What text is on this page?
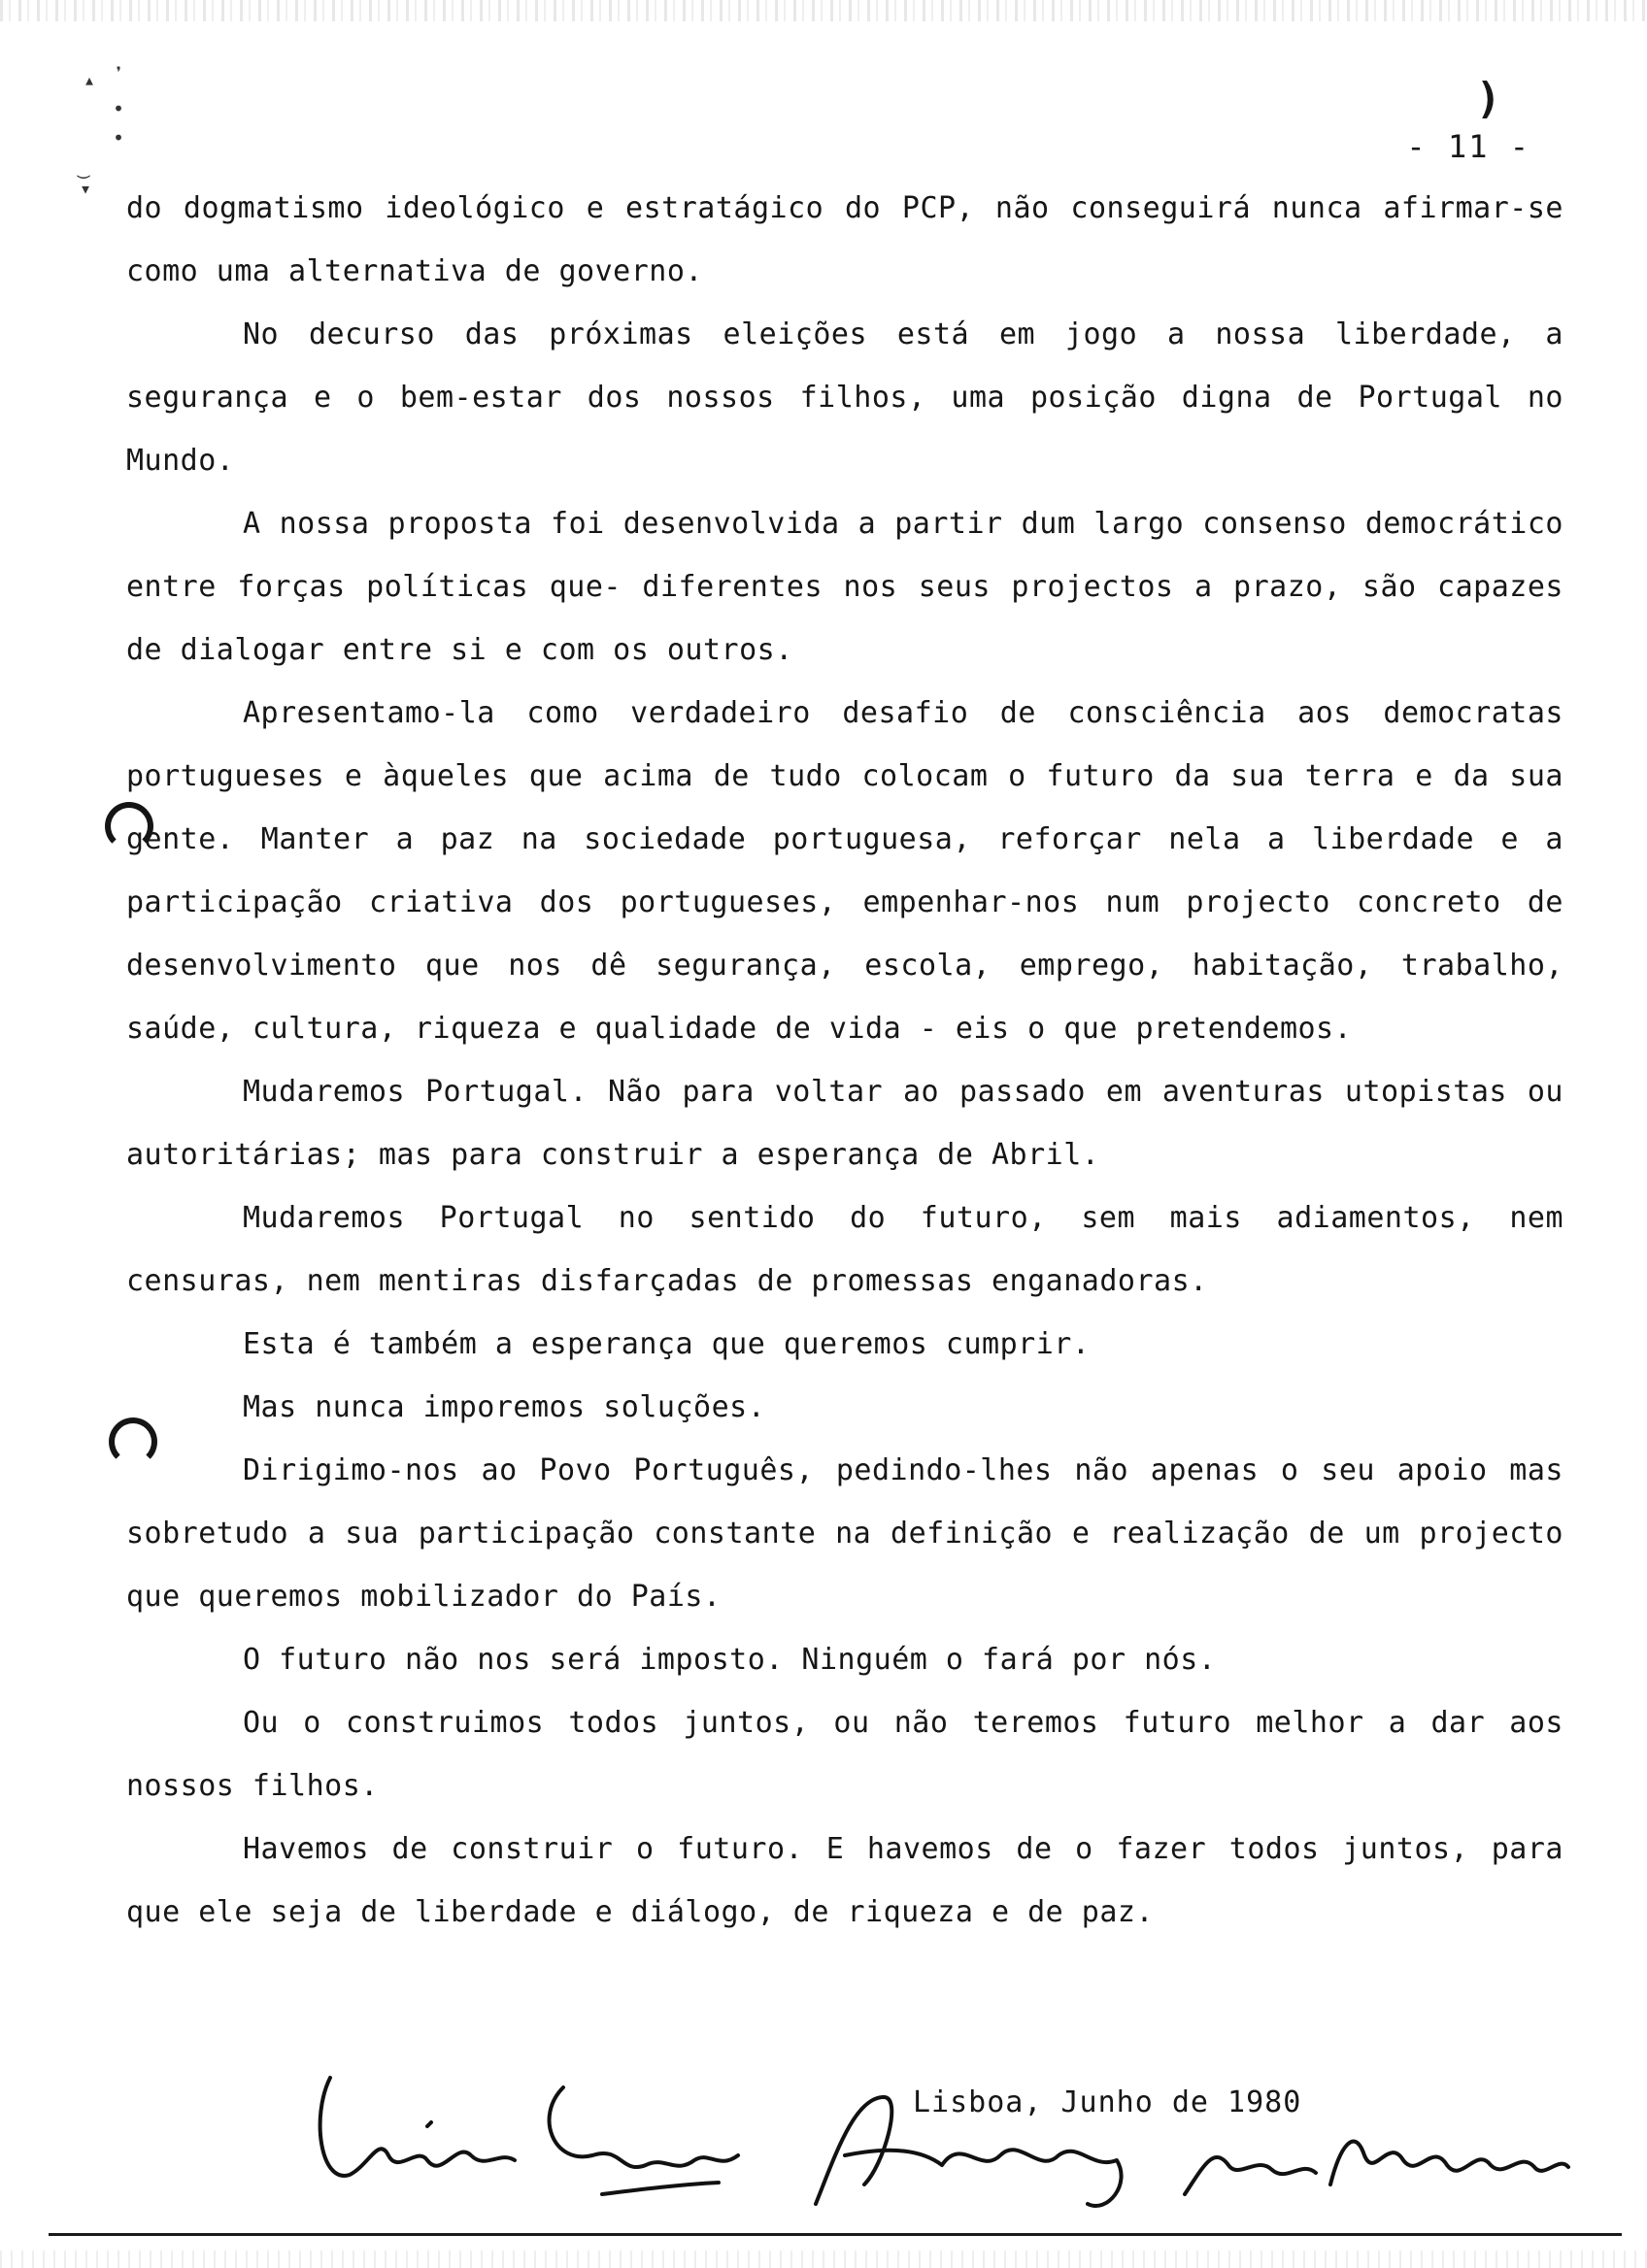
▴ ❜
•
•
‿
▾
)
- 11 -

do dogmatismo ideológico e estratágico do PCP, não conseguirá nunca afirmar-se como uma alternativa de governo.

No decurso das próximas eleições está em jogo a nossa liberdade, a segurança e o bem-estar dos nossos filhos, uma posição digna de Portugal no Mundo.

A nossa proposta foi desenvolvida a partir dum largo consenso democrático entre forças políticas que- diferentes nos seus projectos a prazo, são capazes de dialogar entre si e com os outros.

Apresentamo-la como verdadeiro desafio de consciência aos democratas portugueses e àqueles que acima de tudo colocam o futuro da sua terra e da sua gente. Manter a paz na sociedade portuguesa, reforçar nela a liberdade e a participação criativa dos portugueses, empenhar-nos num projecto concreto de desenvolvimento que nos dê segurança, escola, emprego, habitação, trabalho, saúde, cultura, riqueza e qualidade de vida - eis o que pretendemos.

Mudaremos Portugal. Não para voltar ao passado em aventuras utopistas ou autoritárias; mas para construir a esperança de Abril.

Mudaremos Portugal no sentido do futuro, sem mais adiamentos, nem censuras, nem mentiras disfarçadas de promessas enganadoras.

Esta é também a esperança que queremos cumprir.

Mas nunca imporemos soluções.

Dirigimo-nos ao Povo Português, pedindo-lhes não apenas o seu apoio mas sobretudo a sua participação constante na definição e realização de um projecto que queremos mobilizador do País.

O futuro não nos será imposto. Ninguém o fará por nós.

Ou o construimos todos juntos, ou não teremos futuro melhor a dar aos nossos filhos.

Havemos de construir o futuro. E havemos de o fazer todos juntos, para que ele seja de liberdade e diálogo, de riqueza e de paz.

Lisboa, Junho de 1980
